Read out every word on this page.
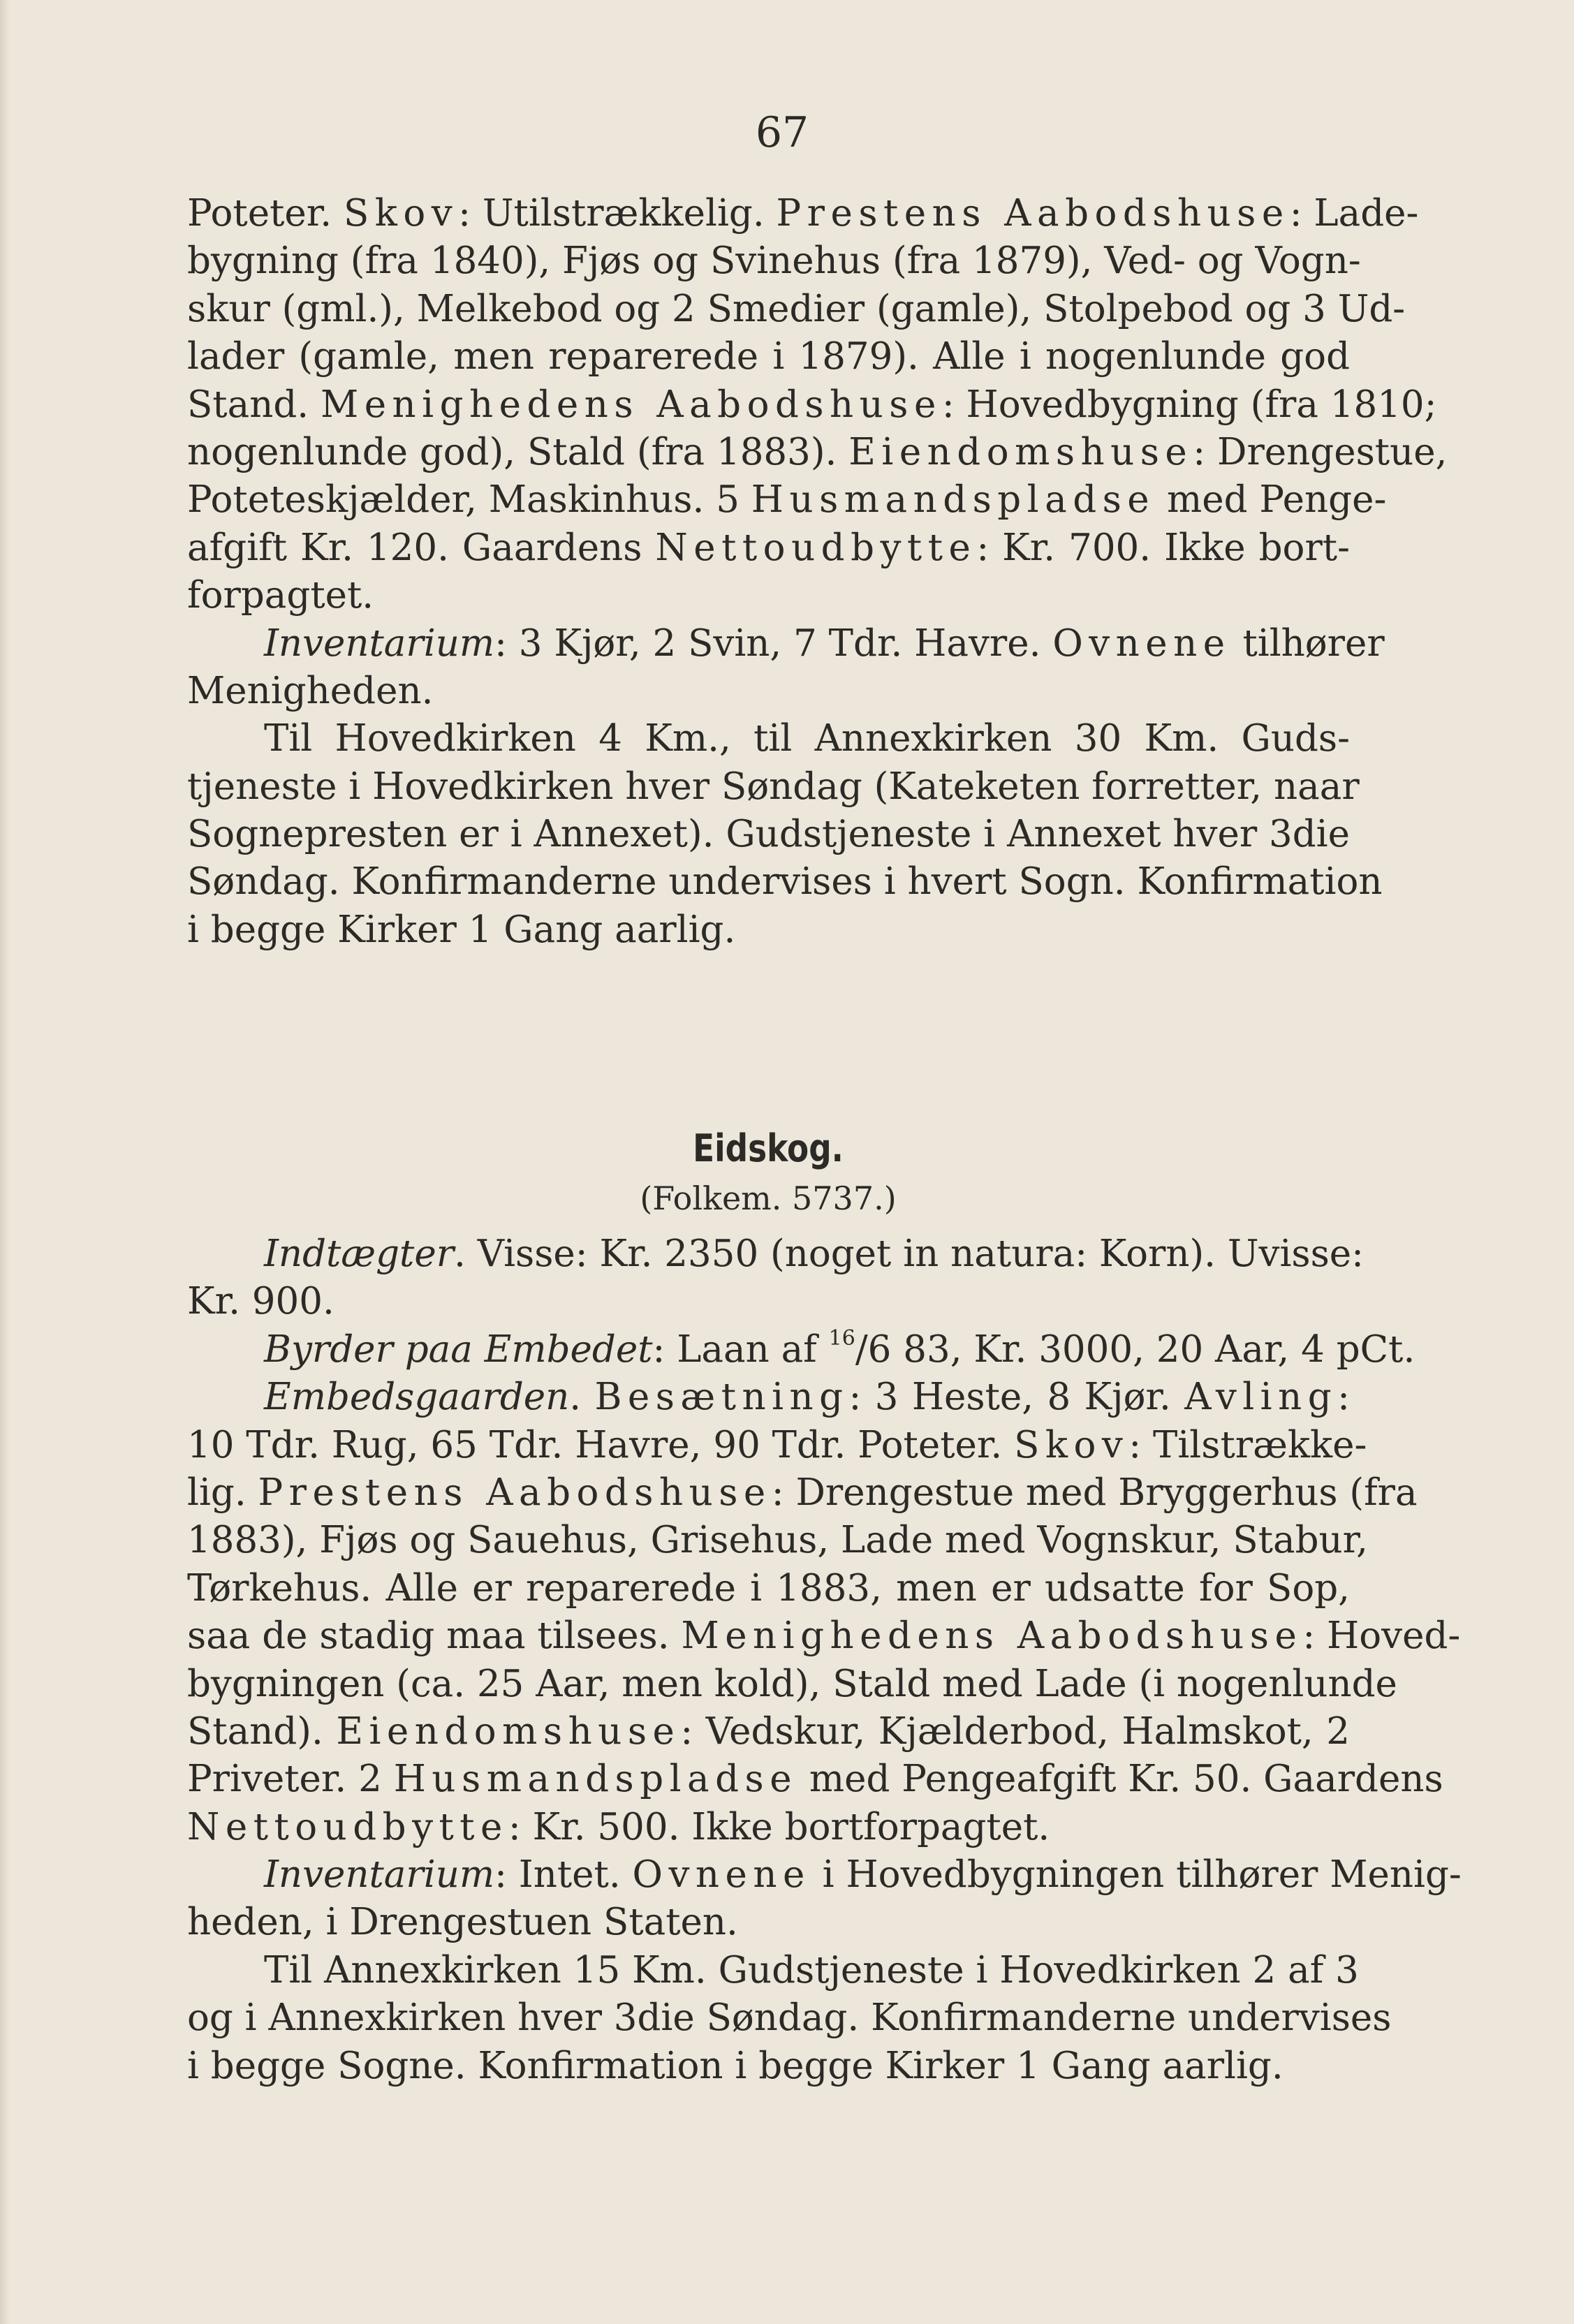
67
Poteter. Skov: Utilstrækkelig. Prestens Aabodshuse: Lade-
bygning (fra 1840), Fjøs og Svinehus (fra 1879), Ved- og Vogn-
skur (gml.), Melkebod og 2 Smedier (gamle), Stolpebod og 3 Ud-
lader (gamle, men reparerede i 1879). Alle i nogenlunde god
Stand. Menighedens Aabodshuse: Hovedbygning (fra 1810;
nogenlunde god), Stald (fra 1883). Eiendomshuse: Drengestue,
Poteteskjælder, Maskinhus. 5 Husmandspladse med Penge-
afgift Kr. 120. Gaardens Nettoudbytte: Kr. 700. Ikke bort-
forpagtet.
Inventarium: 3 Kjør, 2 Svin, 7 Tdr. Havre. Ovnene tilhører
Menigheden.
Til Hovedkirken 4 Km., til Annexkirken 30 Km. Guds-
tjeneste i Hovedkirken hver Søndag (Kateketen forretter, naar
Sognepresten er i Annexet). Gudstjeneste i Annexet hver 3die
Søndag. Konfirmanderne undervises i hvert Sogn. Konfirmation
i begge Kirker 1 Gang aarlig.
Eidskog.
(Folkem. 5737.)
Indtægter. Visse: Kr. 2350 (noget in natura: Korn). Uvisse:
Kr. 900.
Byrder paa Embedet: Laan af $^{16}$/6 83, Kr. 3000, 20 Aar, 4 pCt.
Embedsgaarden. Besætning: 3 Heste, 8 Kjør. Avling:
10 Tdr. Rug, 65 Tdr. Havre, 90 Tdr. Poteter. Skov: Tilstrække-
lig. Prestens Aabodshuse: Drengestue med Bryggerhus (fra
1883), Fjøs og Sauehus, Grisehus, Lade med Vognskur, Stabur,
Tørkehus. Alle er reparerede i 1883, men er udsatte for Sop,
saa de stadig maa tilsees. Menighedens Aabodshuse: Hoved-
bygningen (ca. 25 Aar, men kold), Stald med Lade (i nogenlunde
Stand). Eiendomshuse: Vedskur, Kjælderbod, Halmskot, 2
Priveter. 2 Husmandspladse med Pengeafgift Kr. 50. Gaardens
Nettoudbytte: Kr. 500. Ikke bortforpagtet.
Inventarium: Intet. Ovnene i Hovedbygningen tilhører Menig-
heden, i Drengestuen Staten.
Til Annexkirken 15 Km. Gudstjeneste i Hovedkirken 2 af 3
og i Annexkirken hver 3die Søndag. Konfirmanderne undervises
i begge Sogne. Konfirmation i begge Kirker 1 Gang aarlig.
